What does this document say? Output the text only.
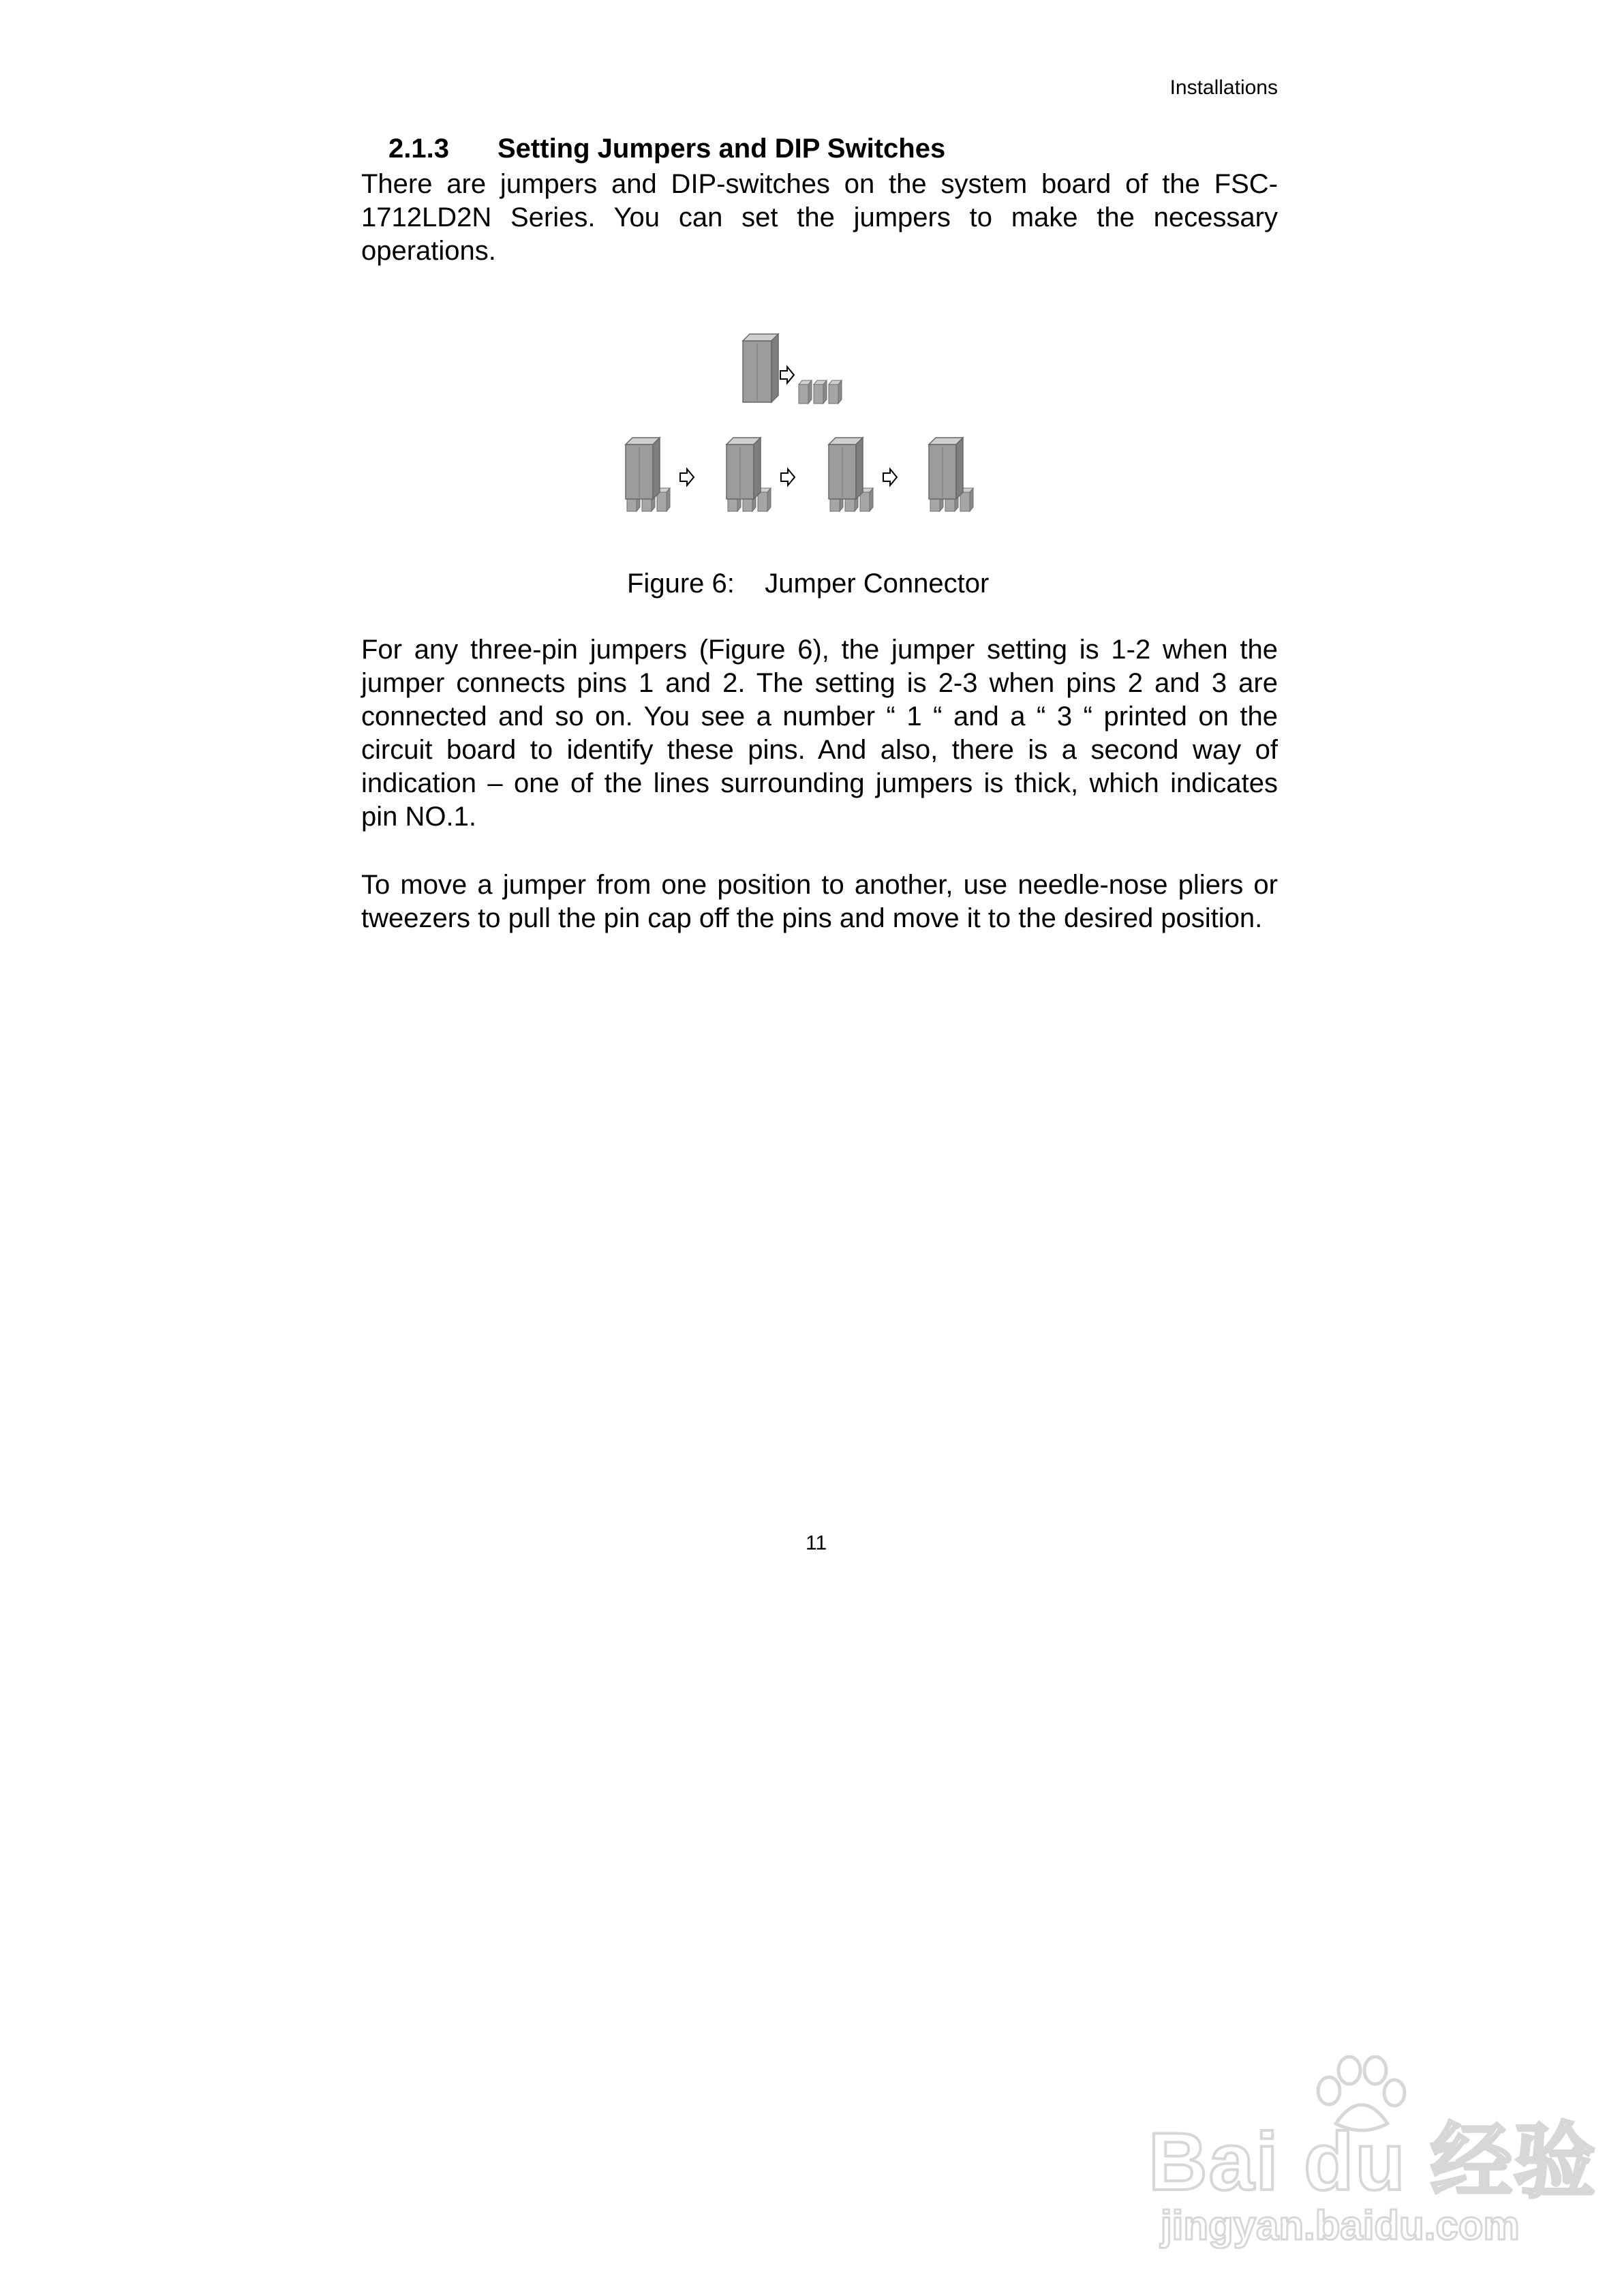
Installations
2.1.3 Setting Jumpers and DIP Switches
There are jumpers and DIP-switches on the system board of the FSC-1712LD2N Series. You can set the jumpers to make the necessary operations.
Figure 6:    Jumper Connector
For any three-pin jumpers (Figure 6), the jumper setting is 1-2 when the jumper connects pins 1 and 2. The setting is 2-3 when pins 2 and 3 are connected and so on. You see a number “ 1 “ and a “ 3 “ printed on the circuit board to identify these pins. And also, there is a second way of indication – one of the lines surrounding jumpers is thick, which indicates pin NO.1.
To move a jumper from one position to another, use needle-nose pliers or tweezers to pull the pin cap off the pins and move it to the desired position.
11
Bai du 经验
jingyan.baidu.com
